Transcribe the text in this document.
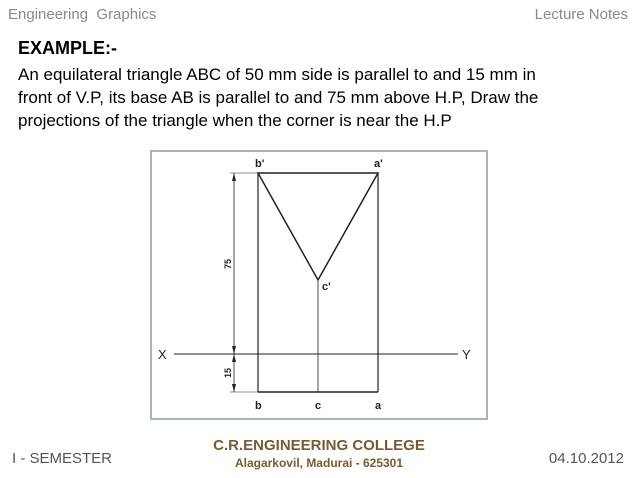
Engineering  Graphics	Lecture Notes
EXAMPLE:-
An equilateral triangle ABC of 50 mm side is parallel to and 15 mm in
front of V.P, its base AB is parallel to and 75 mm above H.P, Draw the
projections of the triangle when the corner is near the H.P
75
15
b'	a'
c'
X	Y
b	c	a
I - SEMESTER
C.R.ENGINEERING COLLEGE
Alagarkovil, Madurai - 625301	04.10.2012
